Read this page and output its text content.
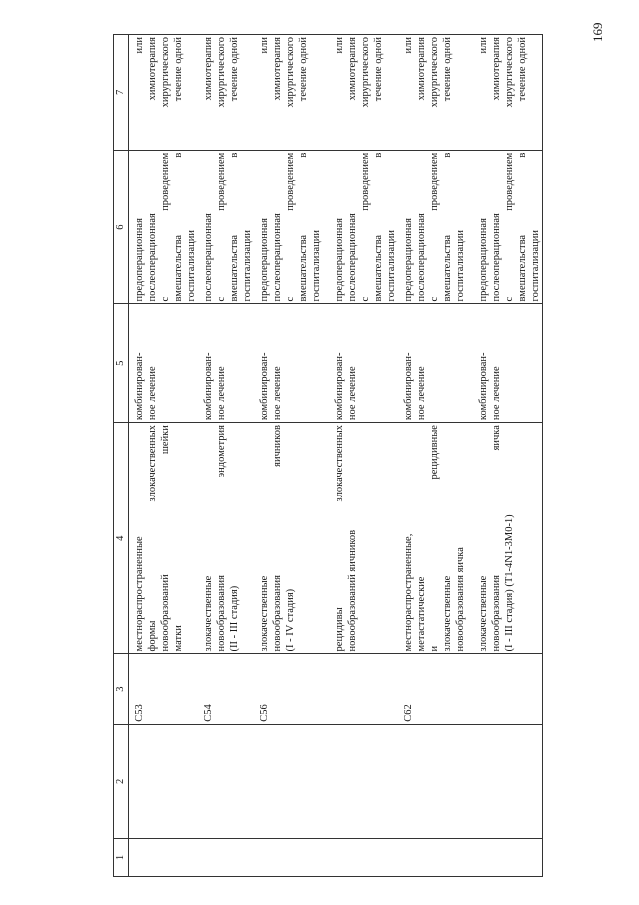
169
1	2	3	4	5	6	7
		C53	местнораспространенные формы злокачественных новообразований шейки матки	комбинирован- ное лечение	предоперационная послеоперационная с проведением вмешательства в госпитализации	или химиотерапия хирургического течение одной

		C54	злокачественные новообразования эндометрия (II - III стадия)	комбинирован- ное лечение	послеоперационная с проведением вмешательства в госпитализации	химиотерапия хирургического течение одной

		C56	злокачественные новообразования яичников (I - IV стадия)	комбинирован- ное лечение	предоперационная послеоперационная с проведением вмешательства в госпитализации	или химиотерапия хирургического течение одной

			рецидивы злокачественных новообразований яичников	комбинирован- ное лечение	предоперационная послеоперационная с проведением вмешательства в госпитализации	или химиотерапия хирургического течение одной

		C62	местнораспространенные, метастатические и рецидивные злокачественные новообразования яичка	комбинирован- ное лечение	предоперационная послеоперационная с проведением вмешательства в госпитализации	или химиотерапия хирургического течение одной

			злокачественные новообразования яичка (I - III стадия) (T1-4N1-3M0-1)	комбинирован- ное лечение	предоперационная послеоперационная с проведением вмешательства в госпитализации	или химиотерапия хирургического течение одной
